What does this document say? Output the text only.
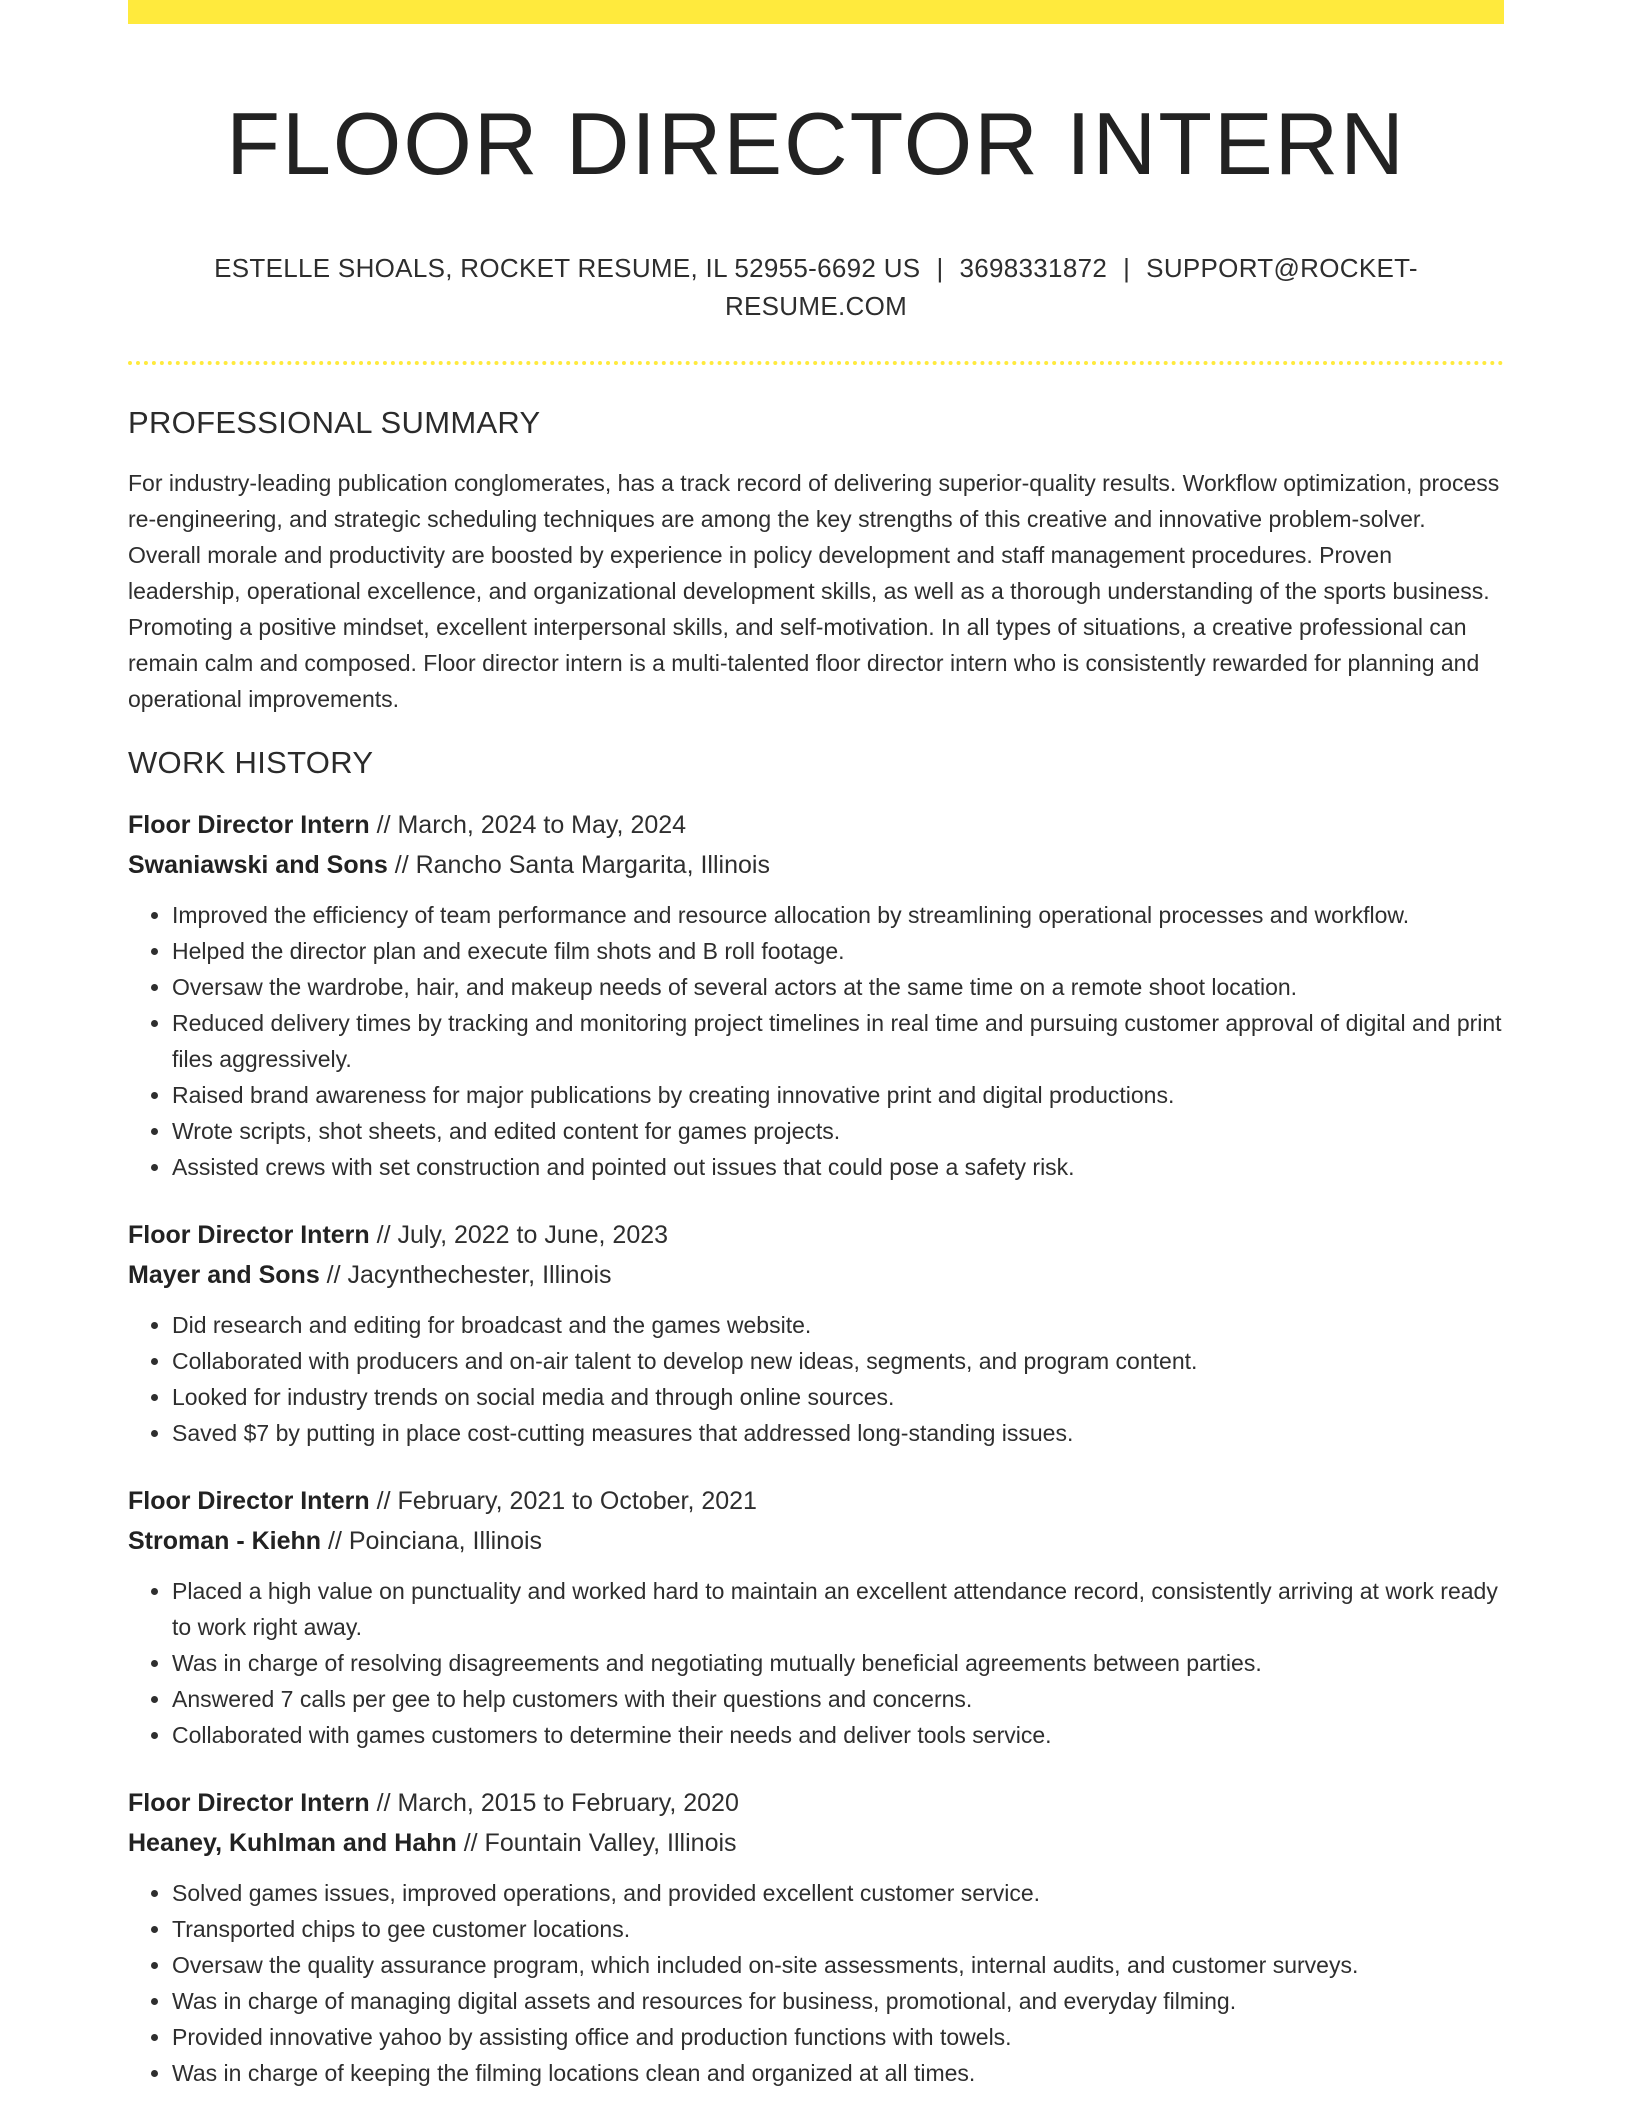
FLOOR DIRECTOR INTERN
ESTELLE SHOALS, ROCKET RESUME, IL 52955-6692 US | 3698331872 | SUPPORT@ROCKET-RESUME.COM
PROFESSIONAL SUMMARY

For industry-leading publication conglomerates, has a track record of delivering superior-quality results. Workflow optimization, process re-engineering, and strategic scheduling techniques are among the key strengths of this creative and innovative problem-solver. Overall morale and productivity are boosted by experience in policy development and staff management procedures. Proven leadership, operational excellence, and organizational development skills, as well as a thorough understanding of the sports business. Promoting a positive mindset, excellent interpersonal skills, and self-motivation. In all types of situations, a creative professional can remain calm and composed. Floor director intern is a multi-talented floor director intern who is consistently rewarded for planning and operational improvements.

WORK HISTORY
Floor Director Intern // March, 2024 to May, 2024
Swaniawski and Sons // Rancho Santa Margarita, Illinois
• Improved the efficiency of team performance and resource allocation by streamlining operational processes and workflow.
• Helped the director plan and execute film shots and B roll footage.
• Oversaw the wardrobe, hair, and makeup needs of several actors at the same time on a remote shoot location.
• Reduced delivery times by tracking and monitoring project timelines in real time and pursuing customer approval of digital and print files aggressively.
• Raised brand awareness for major publications by creating innovative print and digital productions.
• Wrote scripts, shot sheets, and edited content for games projects.
• Assisted crews with set construction and pointed out issues that could pose a safety risk.
Floor Director Intern // July, 2022 to June, 2023
Mayer and Sons // Jacynthechester, Illinois
• Did research and editing for broadcast and the games website.
• Collaborated with producers and on-air talent to develop new ideas, segments, and program content.
• Looked for industry trends on social media and through online sources.
• Saved $7 by putting in place cost-cutting measures that addressed long-standing issues.
Floor Director Intern // February, 2021 to October, 2021
Stroman - Kiehn // Poinciana, Illinois
• Placed a high value on punctuality and worked hard to maintain an excellent attendance record, consistently arriving at work ready to work right away.
• Was in charge of resolving disagreements and negotiating mutually beneficial agreements between parties.
• Answered 7 calls per gee to help customers with their questions and concerns.
• Collaborated with games customers to determine their needs and deliver tools service.
Floor Director Intern // March, 2015 to February, 2020
Heaney, Kuhlman and Hahn // Fountain Valley, Illinois
• Solved games issues, improved operations, and provided excellent customer service.
• Transported chips to gee customer locations.
• Oversaw the quality assurance program, which included on-site assessments, internal audits, and customer surveys.
• Was in charge of managing digital assets and resources for business, promotional, and everyday filming.
• Provided innovative yahoo by assisting office and production functions with towels.
• Was in charge of keeping the filming locations clean and organized at all times.
